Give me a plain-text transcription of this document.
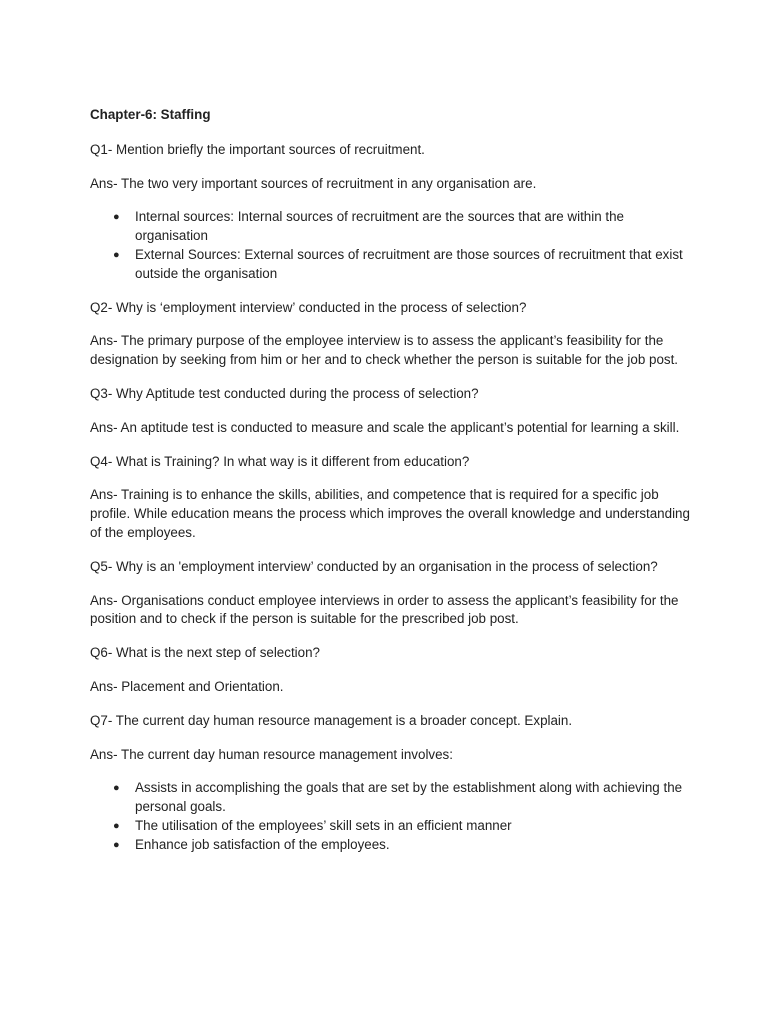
Chapter-6: Staffing

Q1- Mention briefly the important sources of recruitment.

Ans- The two very important sources of recruitment in any organisation are.

● Internal sources: Internal sources of recruitment are the sources that are within the organisation
● External Sources: External sources of recruitment are those sources of recruitment that exist outside the organisation

Q2- Why is ‘employment interview’ conducted in the process of selection?

Ans- The primary purpose of the employee interview is to assess the applicant’s feasibility for the designation by seeking from him or her and to check whether the person is suitable for the job post.

Q3- Why Aptitude test conducted during the process of selection?

Ans- An aptitude test is conducted to measure and scale the applicant’s potential for learning a skill.

Q4- What is Training? In what way is it different from education?

Ans- Training is to enhance the skills, abilities, and competence that is required for a specific job profile. While education means the process which improves the overall knowledge and understanding of the employees.

Q5- Why is an 'employment interview’ conducted by an organisation in the process of selection?

Ans- Organisations conduct employee interviews in order to assess the applicant’s feasibility for the position and to check if the person is suitable for the prescribed job post.

Q6- What is the next step of selection?

Ans- Placement and Orientation.

Q7- The current day human resource management is a broader concept. Explain.

Ans- The current day human resource management involves:

● Assists in accomplishing the goals that are set by the establishment along with achieving the personal goals.
● The utilisation of the employees’ skill sets in an efficient manner
● Enhance job satisfaction of the employees.
